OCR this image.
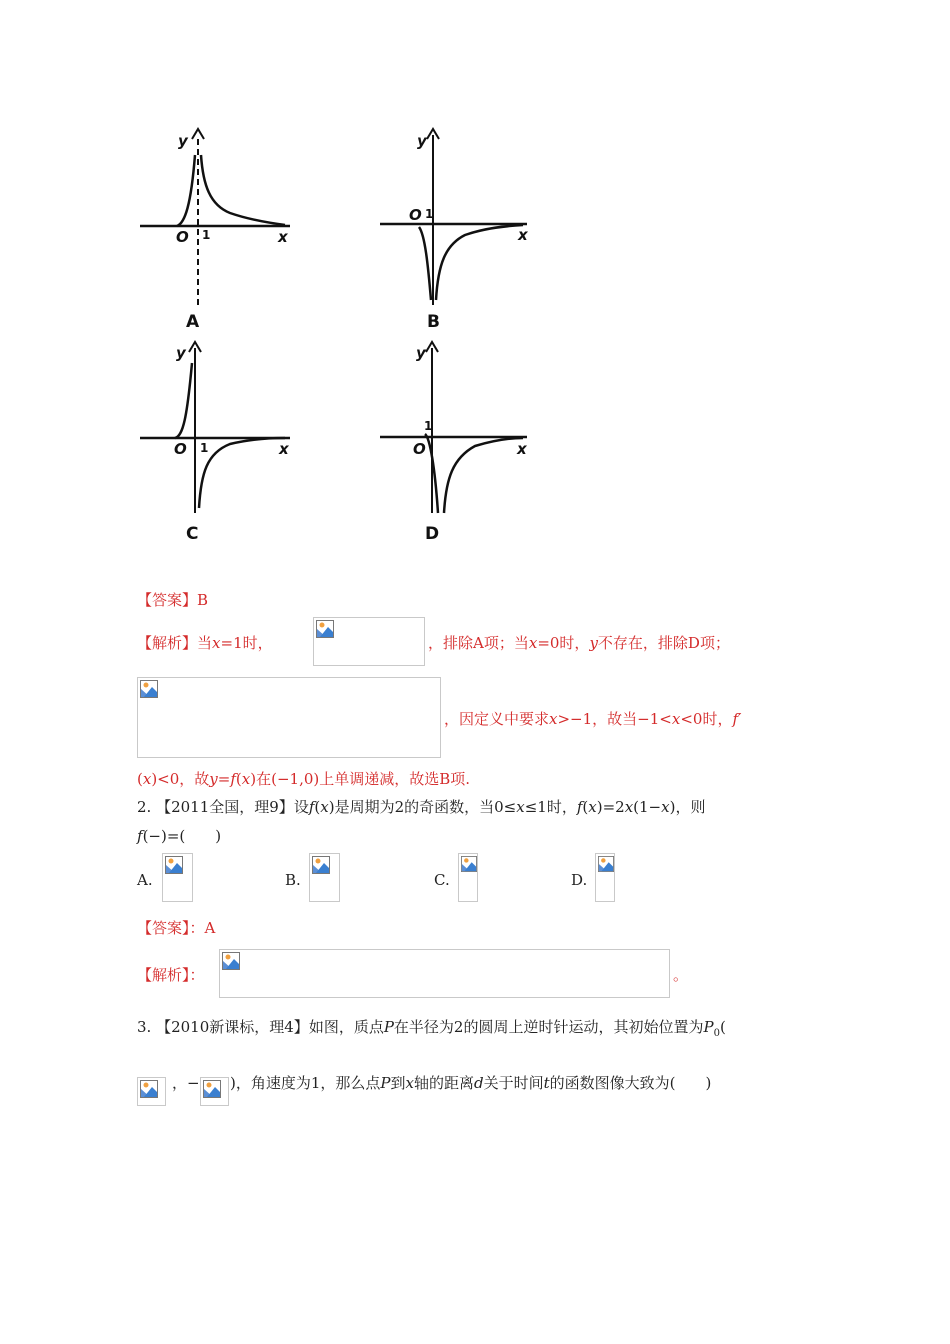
y
O 1	x
A
y
O 1
x
B
y
O 1	x
C
y
O
1
x
D
【答案】B
【解析】当x=1时，	，排除A项；当x=0时，y不存在，排除D项；
，因定义中要求x>−1，故当−1<x<0时，f′
(x)<0，故y=f(x)在(−1,0)上单调递减，故选B项.
2. 【2011全国，理9】设f(x)是周期为2的奇函数，当0≤x≤1时，f(x)=2x(1−x)，则
f(−)=(　　)
A.	B.	C.	D.
【答案】：A
【解析】：	。
3. 【2010新课标，理4】如图，质点P在半径为2的圆周上逆时针运动，其初始位置为$P_0$(
，− )，角速度为1，那么点P到x轴的距离d关于时间t的函数图像大致为(　　)
